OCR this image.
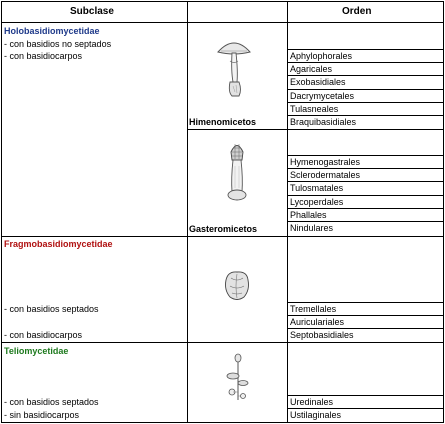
Subclase	Orden
Holobasidiomycetidae
- con basidios no septados
- con basidiocarpos
Himenomicetos
Gasteromicetos
Aphylophorales
Agaricales
Exobasidiales
Dacrymycetales
Tulasneales
Braquibasidiales
Hymenogastrales
Sclerodermatales
Tulosmatales
Lycoperdales
Phallales
Nindulares
Fragmobasidiomycetidae
- con basidios septados
- con basidiocarpos
Tremellales
Auriculariales
Septobasidiales
Teliomycetidae
- con basidios septados
- sin basidiocarpos
Uredinales
Ustilaginales
